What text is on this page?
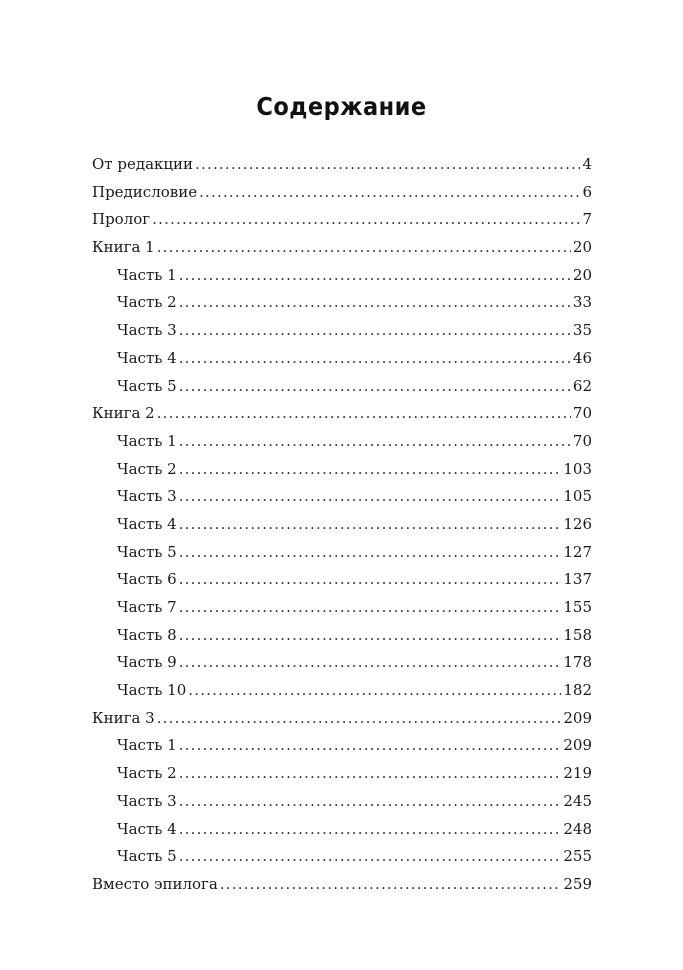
Содержание
От редакции .....	4
Предисловие .....	6
Пролог .....	7
Книга 1 .....	20
Часть 1 .....	20
Часть 2 .....	33
Часть 3 .....	35
Часть 4 .....	46
Часть 5 .....	62
Книга 2 .....	70
Часть 1 .....	70
Часть 2 .....	103
Часть 3 .....	105
Часть 4 .....	126
Часть 5 .....	127
Часть 6 .....	137
Часть 7 .....	155
Часть 8 .....	158
Часть 9 .....	178
Часть 10 .....	182
Книга 3 .....	209
Часть 1 .....	209
Часть 2 .....	219
Часть 3 .....	245
Часть 4 .....	248
Часть 5 .....	255
Вместо эпилога .....	259
